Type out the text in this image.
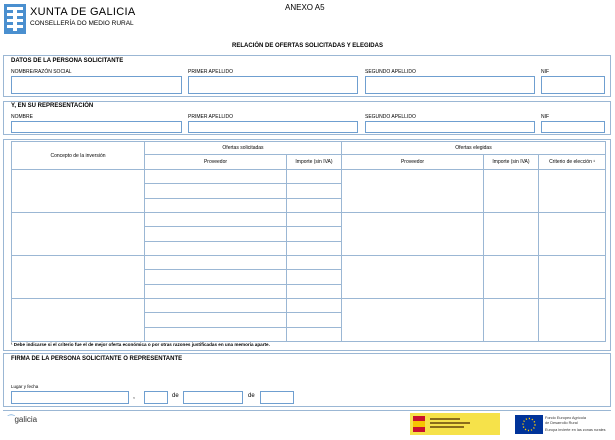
XUNTA DE GALICIA
CONSELLERÍA DO MEDIO RURAL
ANEXO A5
RELACIÓN DE OFERTAS SOLICITADAS Y ELEGIDAS
DATOS DE LA PERSONA SOLICITANTE
NOMBRE/RAZÓN SOCIAL	PRIMER APELLIDO	SEGUNDO APELLIDO	NIF
Y, EN SU REPRESENTACIÓN
NOMBRE	PRIMER APELLIDO	SEGUNDO APELLIDO	NIF
Concepto de la inversión
Ofertas solicitadas	Ofertas elegidas
Proveedor	Importe (sin IVA)	Proveedor	Importe (sin IVA)	Criterio de elección ¹
¹ Debe indicarse si el criterio fue el de mejor oferta económica o por otras razones justificadas en una memoria aparte.
FIRMA DE LA PERSONA SOLICITANTE O REPRESENTANTE
Lugar y fecha
,	de	de
⁀galicia	Fondo Europeo Agrícola
de Desarrollo Rural
Europa invierte en las zonas rurales
